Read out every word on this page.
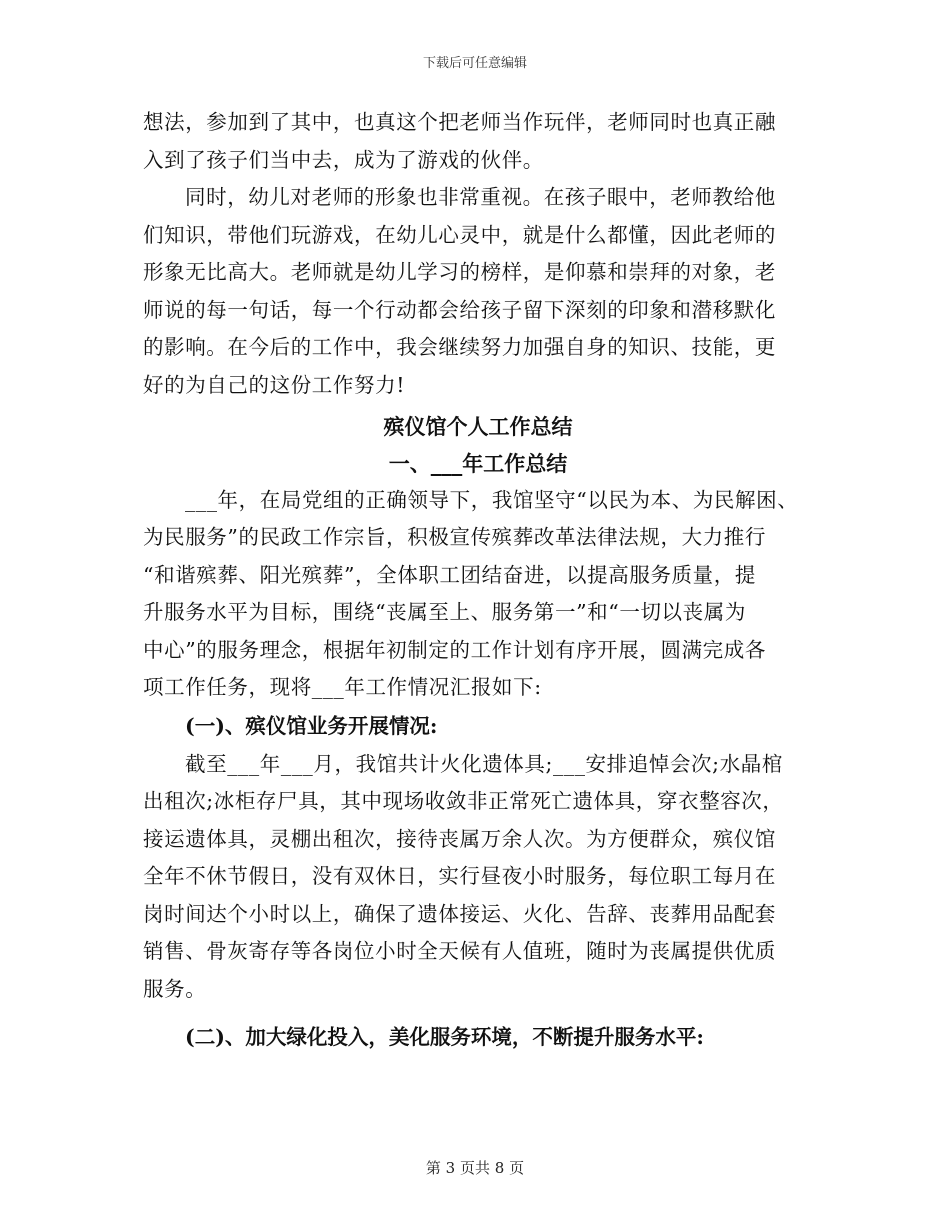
下载后可任意编辑
想法，参加到了其中，也真这个把老师当作玩伴，老师同时也真正融
入到了孩子们当中去，成为了游戏的伙伴。
同时，幼儿对老师的形象也非常重视。在孩子眼中，老师教给他
们知识，带他们玩游戏，在幼儿心灵中，就是什么都懂，因此老师的
形象无比高大。老师就是幼儿学习的榜样，是仰慕和崇拜的对象，老
师说的每一句话，每一个行动都会给孩子留下深刻的印象和潜移默化
的影响。在今后的工作中，我会继续努力加强自身的知识、技能，更
好的为自己的这份工作努力!
殡仪馆个人工作总结
一、___年工作总结
___年，在局党组的正确领导下，我馆坚守“以民为本、为民解困、
为民服务”的民政工作宗旨，积极宣传殡葬改革法律法规，大力推行
“和谐殡葬、阳光殡葬”，全体职工团结奋进，以提高服务质量，提
升服务水平为目标，围绕“丧属至上、服务第一”和“一切以丧属为
中心”的服务理念，根据年初制定的工作计划有序开展，圆满完成各
项工作任务，现将___年工作情况汇报如下:
(一)、殡仪馆业务开展情况:
截至___年___月，我馆共计火化遗体具;___安排追悼会次;水晶棺
出租次;冰柜存尸具，其中现场收敛非正常死亡遗体具，穿衣整容次，
接运遗体具，灵棚出租次，接待丧属万余人次。为方便群众，殡仪馆
全年不休节假日，没有双休日，实行昼夜小时服务，每位职工每月在
岗时间达个小时以上，确保了遗体接运、火化、告辞、丧葬用品配套
销售、骨灰寄存等各岗位小时全天候有人值班，随时为丧属提供优质
服务。
(二)、加大绿化投入，美化服务环境，不断提升服务水平:
第 3 页共 8 页
